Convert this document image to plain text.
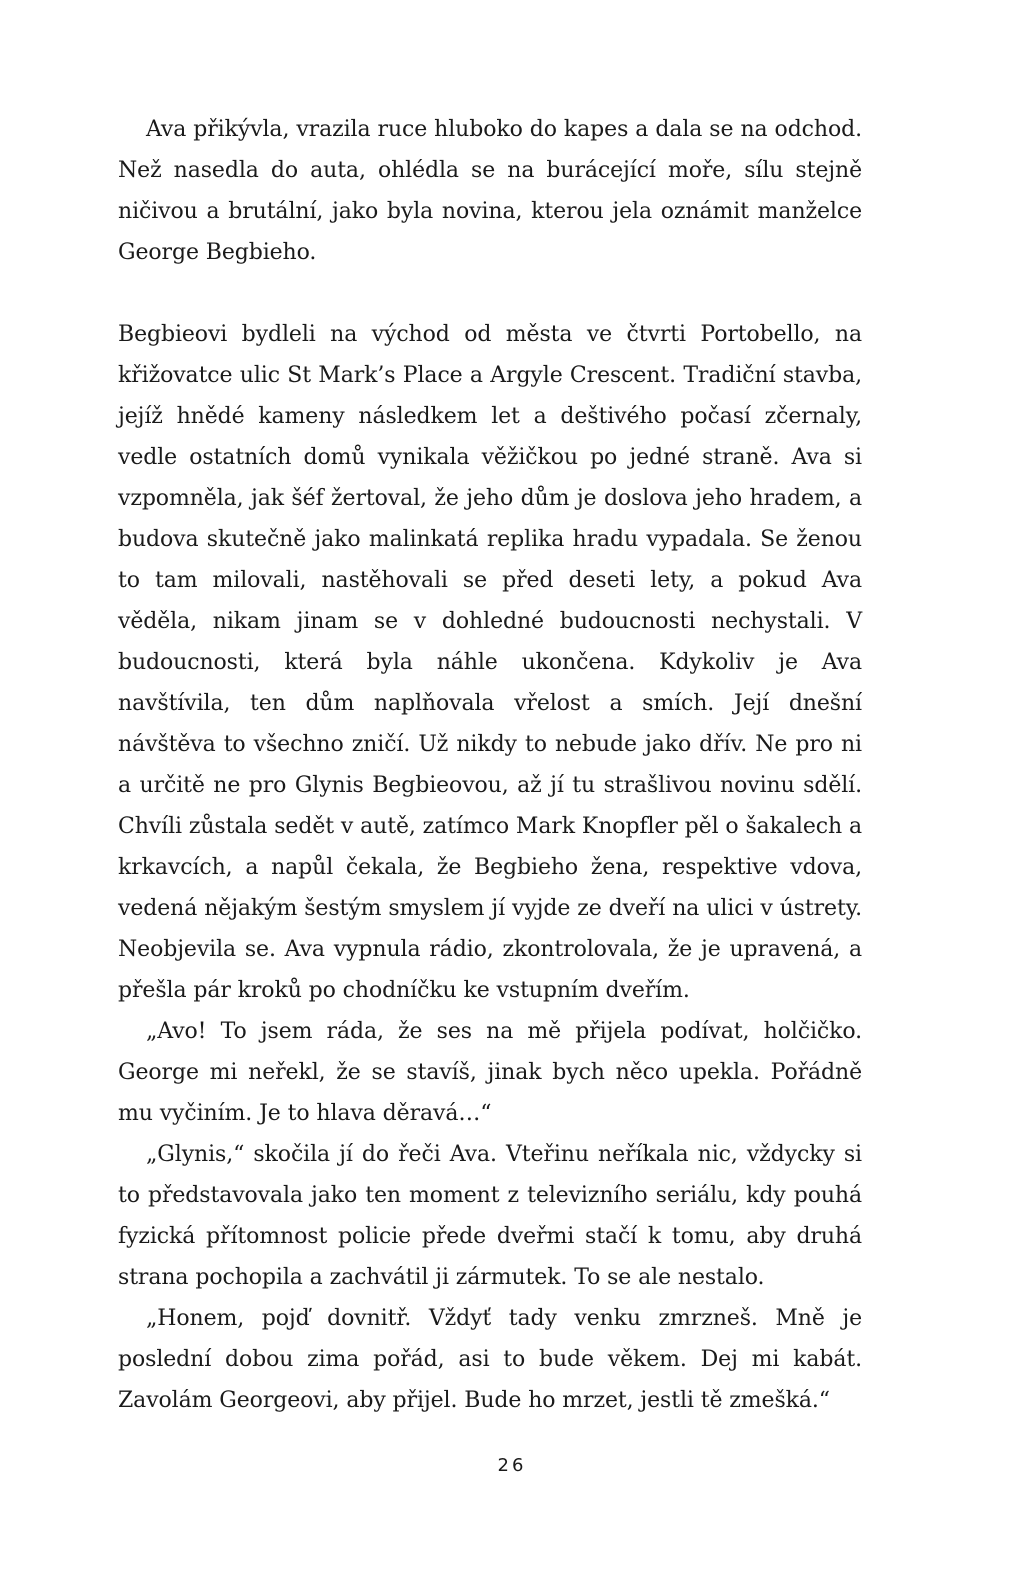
Ava přikývla, vrazila ruce hluboko do kapes a dala se na odchod. Než nasedla do auta, ohlédla se na burácející moře, sílu stejně ničivou a brutální, jako byla novina, kterou jela oznámit manželce George Begbieho.

Begbieovi bydleli na východ od města ve čtvrti Portobello, na křižovatce ulic St Mark’s Place a Argyle Crescent. Tradiční stavba, jejíž hnědé kameny následkem let a deštivého počasí zčernaly, vedle ostatních domů vynikala věžičkou po jedné straně. Ava si vzpomněla, jak šéf žertoval, že jeho dům je doslova jeho hradem, a budova skutečně jako malinkatá replika hradu vypadala. Se ženou to tam milovali, nastěhovali se před deseti lety, a pokud Ava věděla, nikam jinam se v dohledné budoucnosti nechystali. V budoucnosti, která byla náhle ukončena. Kdykoliv je Ava navštívila, ten dům naplňovala vřelost a smích. Její dnešní návštěva to všechno zničí. Už nikdy to nebude jako dřív. Ne pro ni a určitě ne pro Glynis Begbieovou, až jí tu strašlivou novinu sdělí. Chvíli zůstala sedět v autě, zatímco Mark Knopfler pěl o šakalech a krkavcích, a napůl čekala, že Begbieho žena, respektive vdova, vedená nějakým šestým smyslem jí vyjde ze dveří na ulici v ústrety. Neobjevila se. Ava vypnula rádio, zkontrolovala, že je upravená, a přešla pár kroků po chodníčku ke vstupním dveřím.

„Avo! To jsem ráda, že ses na mě přijela podívat, holčičko. George mi neřekl, že se stavíš, jinak bych něco upekla. Pořádně mu vyčiním. Je to hlava děravá…“

„Glynis,“ skočila jí do řeči Ava. Vteřinu neříkala nic, vždycky si to představovala jako ten moment z televizního seriálu, kdy pouhá fyzická přítomnost policie přede dveřmi stačí k tomu, aby druhá strana pochopila a zachvátil ji zármutek. To se ale nestalo.

„Honem, pojď dovnitř. Vždyť tady venku zmrzneš. Mně je poslední dobou zima pořád, asi to bude věkem. Dej mi kabát. Zavolám Georgeovi, aby přijel. Bude ho mrzet, jestli tě zmešká.“

26
